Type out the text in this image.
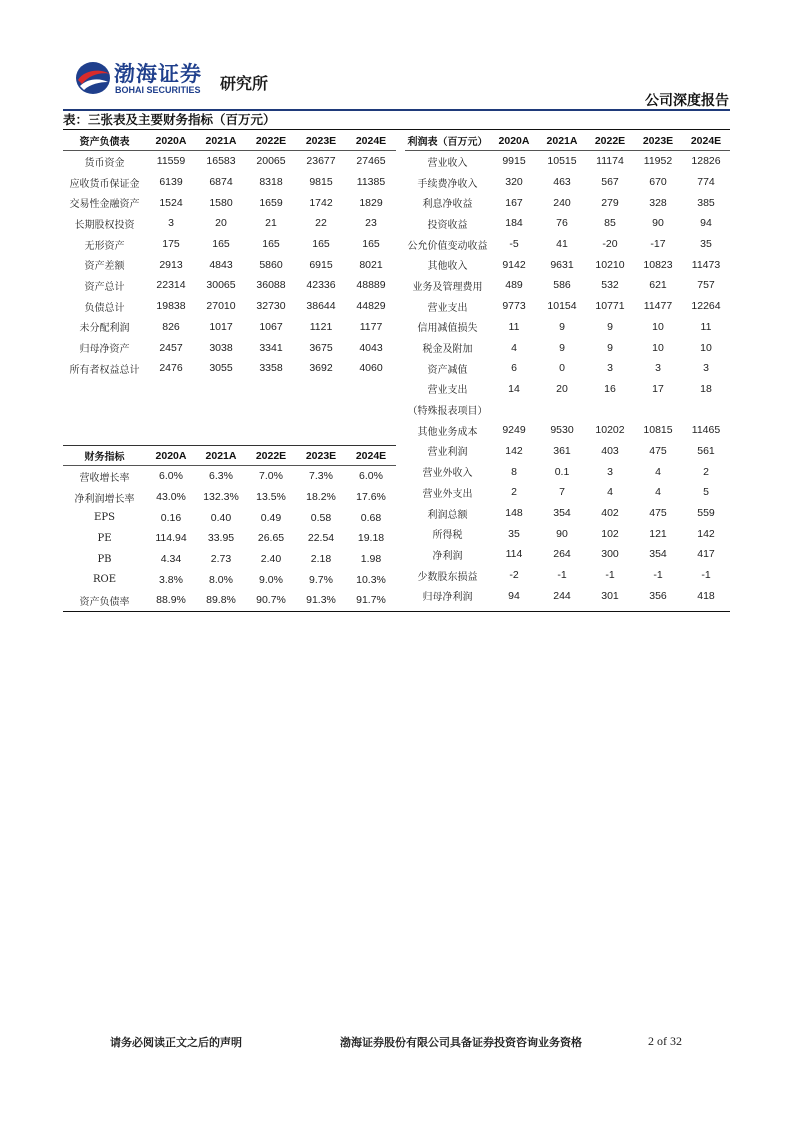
渤海证券
BOHAI SECURITIES 研究所
公司深度报告
表：三张表及主要财务指标（百万元）
资产负债表	2020A	2021A	2022E	2023E	2024E
货币资金	11559	16583	20065	23677	27465
应收货币保证金	6139	6874	8318	9815	11385
交易性金融资产	1524	1580	1659	1742	1829
长期股权投资	3	20	21	22	23
无形资产	175	165	165	165	165
资产差额	2913	4843	5860	6915	8021
资产总计	22314	30065	36088	42336	48889
负债总计	19838	27010	32730	38644	44829
未分配利润	826	1017	1067	1121	1177
归母净资产	2457	3038	3341	3675	4043
所有者权益总计	2476	3055	3358	3692	4060
利润表（百万元）	2020A	2021A	2022E	2023E	2024E
营业收入	9915	10515	11174	11952	12826
手续费净收入	320	463	567	670	774
利息净收益	167	240	279	328	385
投资收益	184	76	85	90	94
公允价值变动收益	-5	41	-20	-17	35
其他收入	9142	9631	10210	10823	11473
业务及管理费用	489	586	532	621	757
营业支出	9773	10154	10771	11477	12264
信用减值损失	11	9	9	10	11
税金及附加	4	9	9	10	10
资产减值	6	0	3	3	3
营业支出	14	20	16	17	18
（特殊报表项目）					
其他业务成本	9249	9530	10202	10815	11465
营业利润	142	361	403	475	561
营业外收入	8	0.1	3	4	2
营业外支出	2	7	4	4	5
利润总额	148	354	402	475	559
所得税	35	90	102	121	142
净利润	114	264	300	354	417
少数股东损益	-2	-1	-1	-1	-1
归母净利润	94	244	301	356	418
财务指标	2020A	2021A	2022E	2023E	2024E
营收增长率	6.0%	6.3%	7.0%	7.3%	6.0%
净利润增长率	43.0%	132.3%	13.5%	18.2%	17.6%
EPS	0.16	0.40	0.49	0.58	0.68
PE	114.94	33.95	26.65	22.54	19.18
PB	4.34	2.73	2.40	2.18	1.98
ROE	3.8%	8.0%	9.0%	9.7%	10.3%
资产负债率	88.9%	89.8%	90.7%	91.3%	91.7%
请务必阅读正文之后的声明	渤海证券股份有限公司具备证券投资咨询业务资格	2 of 32
